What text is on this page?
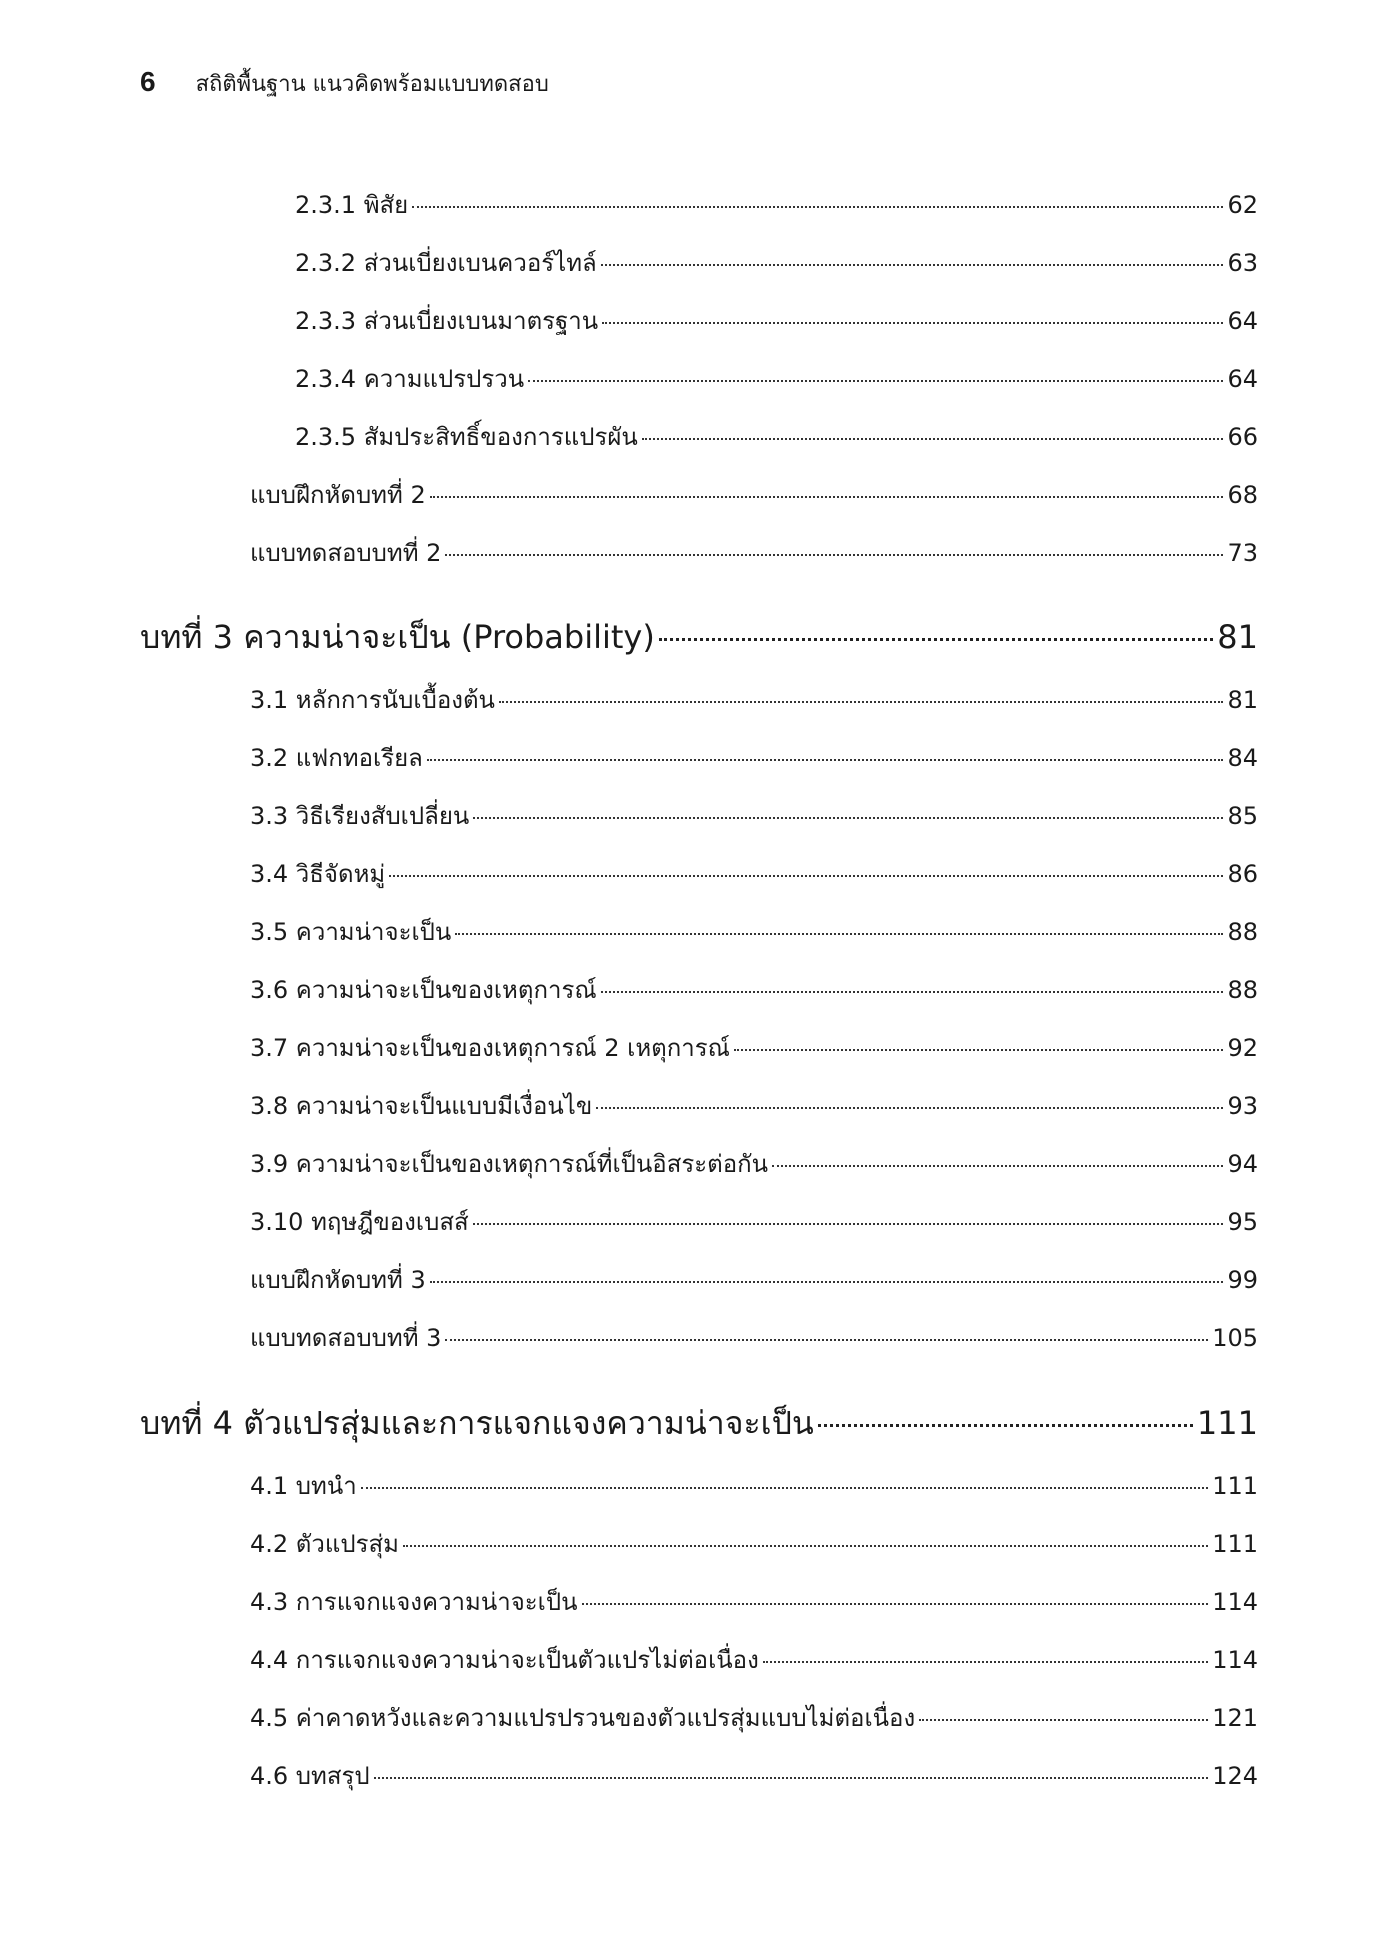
6 สถิติพื้นฐาน แนวคิดพร้อมแบบทดสอบ
2.3.1 พิสัย	62
2.3.2 ส่วนเบี่ยงเบนควอร์ไทล์	63
2.3.3 ส่วนเบี่ยงเบนมาตรฐาน	64
2.3.4 ความแปรปรวน	64
2.3.5 สัมประสิทธิ์ของการแปรผัน	66
แบบฝึกหัดบทที่ 2	68
แบบทดสอบบทที่ 2	73
บทที่ 3 ความน่าจะเป็น (Probability)	81
3.1 หลักการนับเบื้องต้น	81
3.2 แฟกทอเรียล	84
3.3 วิธีเรียงสับเปลี่ยน	85
3.4 วิธีจัดหมู่	86
3.5 ความน่าจะเป็น	88
3.6 ความน่าจะเป็นของเหตุการณ์	88
3.7 ความน่าจะเป็นของเหตุการณ์ 2 เหตุการณ์	92
3.8 ความน่าจะเป็นแบบมีเงื่อนไข	93
3.9 ความน่าจะเป็นของเหตุการณ์ที่เป็นอิสระต่อกัน	94
3.10 ทฤษฎีของเบสส์	95
แบบฝึกหัดบทที่ 3	99
แบบทดสอบบทที่ 3	105
บทที่ 4 ตัวแปรสุ่มและการแจกแจงความน่าจะเป็น	111
4.1 บทนำ	111
4.2 ตัวแปรสุ่ม	111
4.3 การแจกแจงความน่าจะเป็น	114
4.4 การแจกแจงความน่าจะเป็นตัวแปรไม่ต่อเนื่อง	114
4.5 ค่าคาดหวังและความแปรปรวนของตัวแปรสุ่มแบบไม่ต่อเนื่อง	121
4.6 บทสรุป	124
